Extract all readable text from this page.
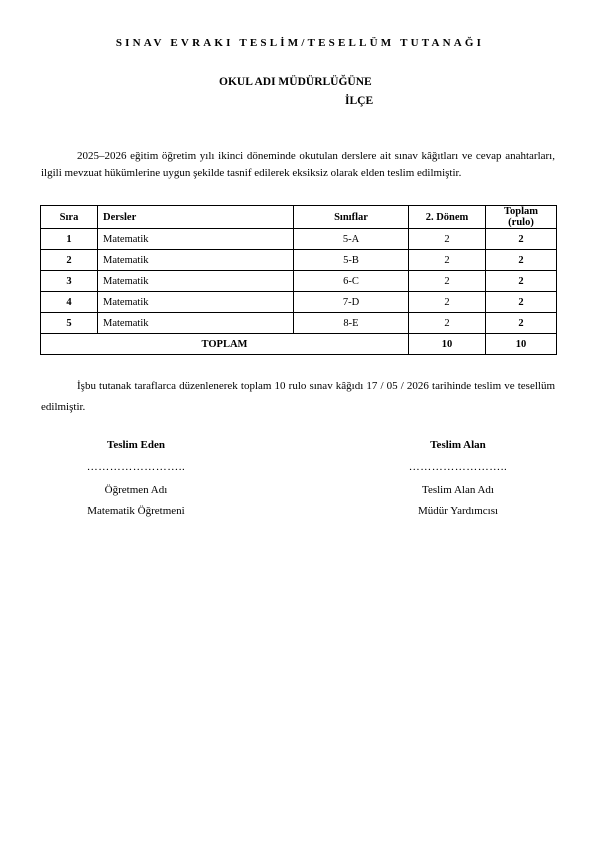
SINAV EVRAKI TESLİM/TESELLÜM TUTANAĞI
OKUL ADI MÜDÜRLÜĞÜNE
İLÇE

2025–2026 eğitim öğretim yılı ikinci döneminde okutulan derslere ait sınav kâğıtları ve cevap anahtarları, ilgili mevzuat hükümlerine uygun şekilde tasnif edilerek eksiksiz olarak elden teslim edilmiştir.

Sıra	Dersler	Sınıflar	2. Dönem	Toplam (rulo)
1	Matematik	5-A	2	2
2	Matematik	5-B	2	2
3	Matematik	6-C	2	2
4	Matematik	7-D	2	2
5	Matematik	8-E	2	2
TOPLAM			10	10

İşbu tutanak taraflarca düzenlenerek toplam 10 rulo sınav kâğıdı 17 / 05 / 2026 tarihinde teslim ve tesellüm edilmiştir.

Teslim Eden
……………………..
Öğretmen Adı
Matematik Öğretmeni
Teslim Alan
……………………..
Teslim Alan Adı
Müdür Yardımcısı
